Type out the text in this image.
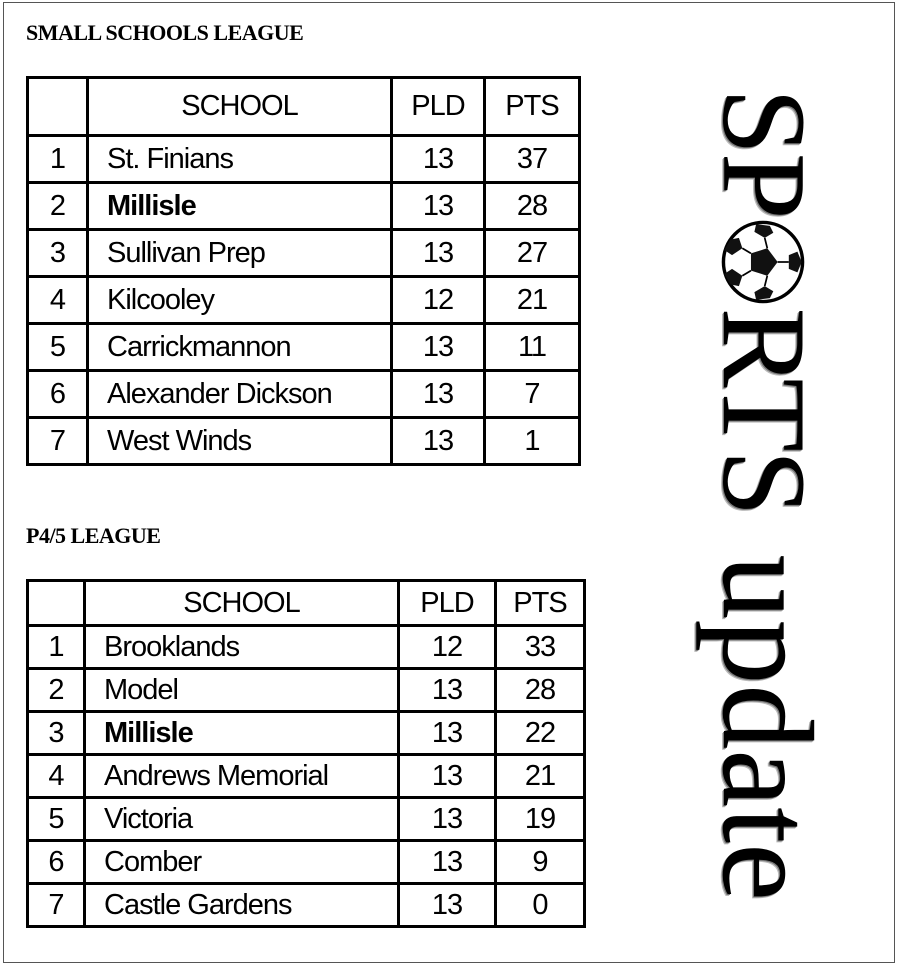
SMALL SCHOOLS LEAGUE
	SCHOOL	PLD	PTS
1	St. Finians	13	37
2	Millisle	13	28
3	Sullivan Prep	13	27
4	Kilcooley	12	21
5	Carrickmannon	13	11
6	Alexander Dickson	13	7
7	West Winds	13	1
P4/5 LEAGUE
	SCHOOL	PLD	PTS
1	Brooklands	12	33
2	Model	13	28
3	Millisle	13	22
4	Andrews Memorial	13	21
5	Victoria	13	19
6	Comber	13	9
7	Castle Gardens	13	0
SPRTSupdate
